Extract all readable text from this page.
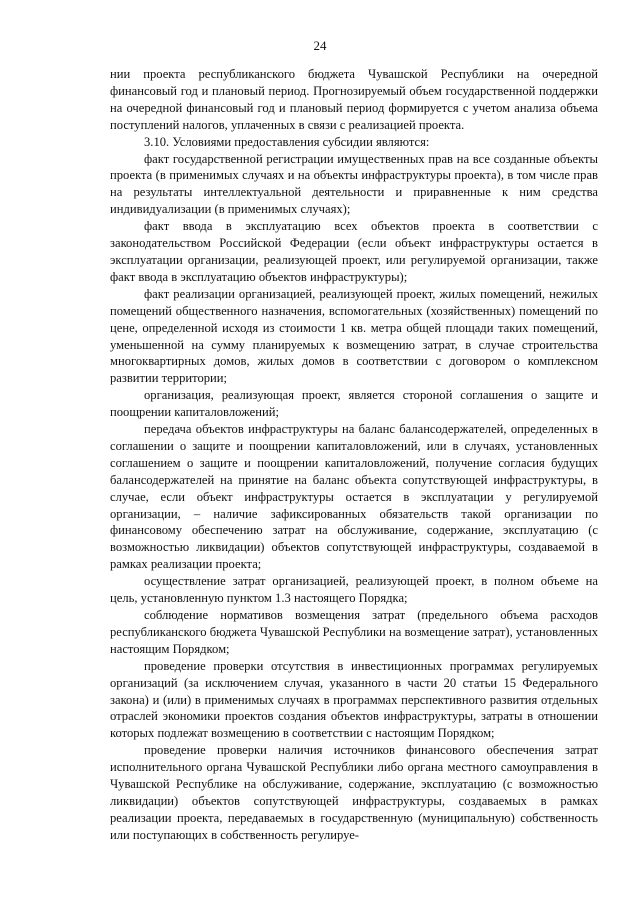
24

нии проекта республиканского бюджета Чувашской Республики на очередной финансовый год и плановый период. Прогнозируемый объем государственной поддержки на очередной финансовый год и плановый период формируется с учетом анализа объема поступлений налогов, уплаченных в связи с реализацией проекта.

3.10. Условиями предоставления субсидии являются:

факт государственной регистрации имущественных прав на все созданные объекты проекта (в применимых случаях и на объекты инфраструктуры проекта), в том числе прав на результаты интеллектуальной деятельности и приравненные к ним средства индивидуализации (в применимых случаях);

факт ввода в эксплуатацию всех объектов проекта в соответствии с законодательством Российской Федерации (если объект инфраструктуры остается в эксплуатации организации, реализующей проект, или регулируемой организации, также факт ввода в эксплуатацию объектов инфраструктуры);

факт реализации организацией, реализующей проект, жилых помещений, нежилых помещений общественного назначения, вспомогательных (хозяйственных) помещений по цене, определенной исходя из стоимости 1 кв. метра общей площади таких помещений, уменьшенной на сумму планируемых к возмещению затрат, в случае строительства многоквартирных домов, жилых домов в соответствии с договором о комплексном развитии территории;

организация, реализующая проект, является стороной соглашения о защите и поощрении капиталовложений;

передача объектов инфраструктуры на баланс балансодержателей, определенных в соглашении о защите и поощрении капиталовложений, или в случаях, установленных соглашением о защите и поощрении капиталовложений, получение согласия будущих балансодержателей на принятие на баланс объекта сопутствующей инфраструктуры, в случае, если объект инфраструктуры остается в эксплуатации у регулируемой организации, – наличие зафиксированных обязательств такой организации по финансовому обеспечению затрат на обслуживание, содержание, эксплуатацию (с возможностью ликвидации) объектов сопутствующей инфраструктуры, создаваемой в рамках реализации проекта;

осуществление затрат организацией, реализующей проект, в полном объеме на цель, установленную пунктом 1.3 настоящего Порядка;

соблюдение нормативов возмещения затрат (предельного объема расходов республиканского бюджета Чувашской Республики на возмещение затрат), установленных настоящим Порядком;

проведение проверки отсутствия в инвестиционных программах регулируемых организаций (за исключением случая, указанного в части 20 статьи 15 Федерального закона) и (или) в применимых случаях в программах перспективного развития отдельных отраслей экономики проектов создания объектов инфраструктуры, затраты в отношении которых подлежат возмещению в соответствии с настоящим Порядком;

проведение проверки наличия источников финансового обеспечения затрат исполнительного органа Чувашской Республики либо органа местного самоуправления в Чувашской Республике на обслуживание, содержание, эксплуатацию (с возможностью ликвидации) объектов сопутствующей инфраструктуры, создаваемых в рамках реализации проекта, передаваемых в государственную (муниципальную) собственность или поступающих в собственность регулируе-
